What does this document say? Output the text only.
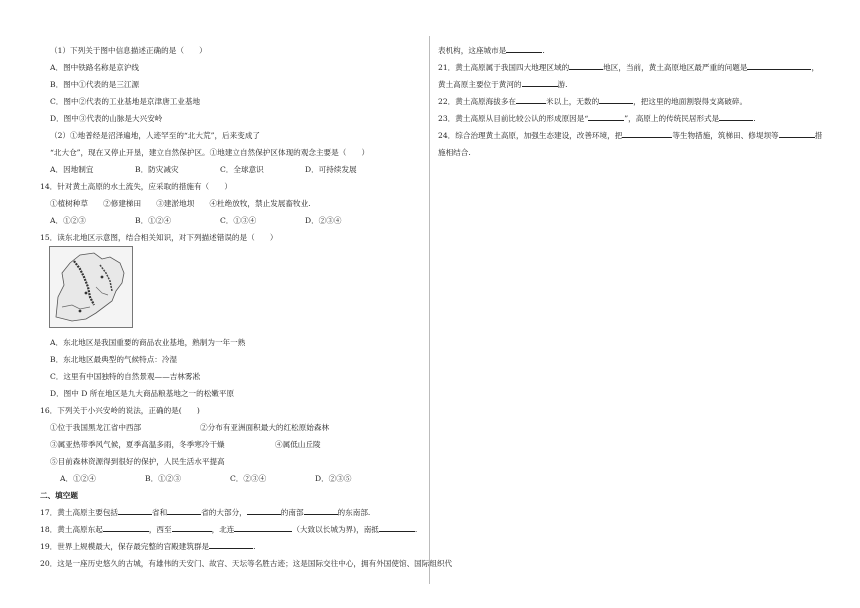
（1）下列关于图中信息描述正确的是（　　）
A．图中铁路名称是京沪线
B．图中①代表的是三江源
C．图中②代表的工业基地是京津唐工业基地
D．图中③代表的山脉是大兴安岭
（2）①地普经是沼泽遍地，人迹罕至的“北大荒”，后来变成了
“北大仓”，现在又停止开垦，建立自然保护区。①地建立自然保护区体现的观念主要是（　　）
A．因地制宜	B．防灾减灾	C．全球意识	D．可持续发展
14．针对黄土高原的水土流失，应采取的措施有（　　）
①植树种草　　②修建梯田　　③建淤地坝　　④杜绝放牧，禁止发展畜牧业.
A．①②③	B．①②④	C．①③④	D．②③④
15．读东北地区示意图，结合相关知识，对下列描述错误的是（　　）
A．东北地区是我国重要的商品农业基地，熟制为一年一熟
B．东北地区最典型的气候特点：冷湿
C．这里有中国独特的自然景观——吉林雾凇
D．图中 D 所在地区是九大商品粮基地之一的松嫩平原
16．下列关于小兴安岭的说法，正确的是(　　)
①位于我国黑龙江省中西部	②分布有亚洲面积最大的红松原始森林
③属亚热带季风气候，夏季高温多雨，冬季寒冷干燥	④属低山丘陵
⑤目前森林资源得到很好的保护，人民生活水平提高
A．①②④	B．①②③	C．②③④	D．②③⑤
二、填空题
17．黄土高原主要包括	省和	省的大部分，	的南部	的东南部.
18．黄土高原东起	，西至	，北连	（大致以长城为界)，南抵	.
19．世界上规模最大，保存最完整的宫殿建筑群是	.
20．这是一座历史悠久的古城，有雄伟的天安门、故宫、天坛等名胜古迹；这是国际交往中心，拥有外国使馆、国际组织代
表机构，这座城市是	.
21．黄土高原属于我国四大地理区域的	地区，当前，黄土高原地区最严重的问题是	，
黄土高原主要位于黄河的	游.
22．黄土高原海拔多在	米以上，无数的	，把这里的地面割裂得支离破碎。
23．黄土高原从目前比较公认的形成原因是“	”，高原上的传统民居形式是	.
24．综合治理黄土高原，加强生态建设，改善环境，把	等生物措施，筑梯田、修堤坝等	措
施相结合.
